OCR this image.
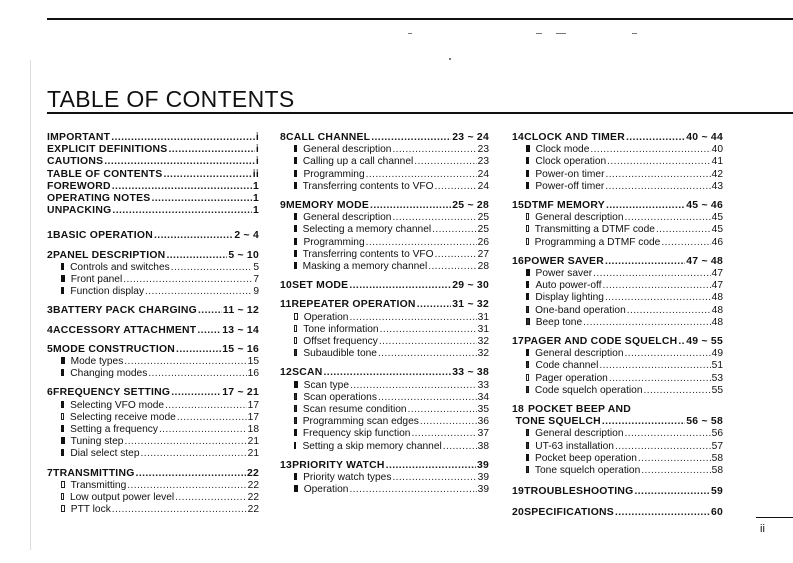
TABLE OF CONTENTS
IMPORTANT .....	i
EXPLICIT DEFINITIONS .....	i
CAUTIONS .....	i
TABLE OF CONTENTS .....	ii
FOREWORD .....	1
OPERATING NOTES .....	1
UNPACKING .....	1
1 BASIC OPERATION .....	2 ~ 4
2 PANEL DESCRIPTION .....	5 ~ 10
Controls and switches .....	5
Front panel .....	7
Function display .....	9
3 BATTERY PACK CHARGING ..... 11 ~ 12
4 ACCESSORY ATTACHMENT ..... 13 ~ 14
5 MODE CONSTRUCTION .....	15 ~ 16
Mode types .....	15
Changing modes .....	16
6 FREQUENCY SETTING .....	17 ~ 21
Selecting VFO mode .....	17
Selecting receive mode .....	17
Setting a frequency .....	18
Tuning step .....	21
Dial select step .....	21
7 TRANSMITTING .....	22
Transmitting .....	22
Low output power level .....	22
PTT lock .....	22
8 CALL CHANNEL .....	23 ~ 24
General description .....	23
Calling up a call channel .....	23
Programming .....	24
Transferring contents to VFO .....	24
9 MEMORY MODE .....	25 ~ 28
General description .....	25
Selecting a memory channel .....	25
Programming .....	26
Transferring contents to VFO .....	27
Masking a memory channel .....	28
10 SET MODE .....	29 ~ 30
11 REPEATER OPERATION .....	31 ~ 32
Operation .....	31
Tone information .....	31
Offset frequency .....	32
Subaudible tone .....	32
12 SCAN .....	33 ~ 38
Scan type .....	33
Scan operations .....	34
Scan resume condition .....	35
Programming scan edges .....	36
Frequency skip function .....	37
Setting a skip memory channel .....	38
13 PRIORITY WATCH .....	39
Priority watch types .....	39
Operation .....	39
14 CLOCK AND TIMER .....	40 ~ 44
Clock mode .....	40
Clock operation .....	41
Power-on timer .....	42
Power-off timer .....	43
15 DTMF MEMORY .....	45 ~ 46
General description .....	45
Transmitting a DTMF code .....	45
Programming a DTMF code .....	46
16 POWER SAVER .....	47 ~ 48
Power saver .....	47
Auto power-off .....	47
Display lighting .....	48
One-band operation .....	48
Beep tone .....	48
17 PAGER AND CODE SQUELCH ..... 49 ~ 55
General description .....	49
Code channel .....	51
Pager operation .....	53
Code squelch operation .....	55
18 POCKET BEEP AND
TONE SQUELCH .....	56 ~ 58
General description .....	56
UT-63 installation .....	57
Pocket beep operation .....	58
Tone squelch operation .....	58
19 TROUBLESHOOTING .....	59
20 SPECIFICATIONS .....	60
ii
